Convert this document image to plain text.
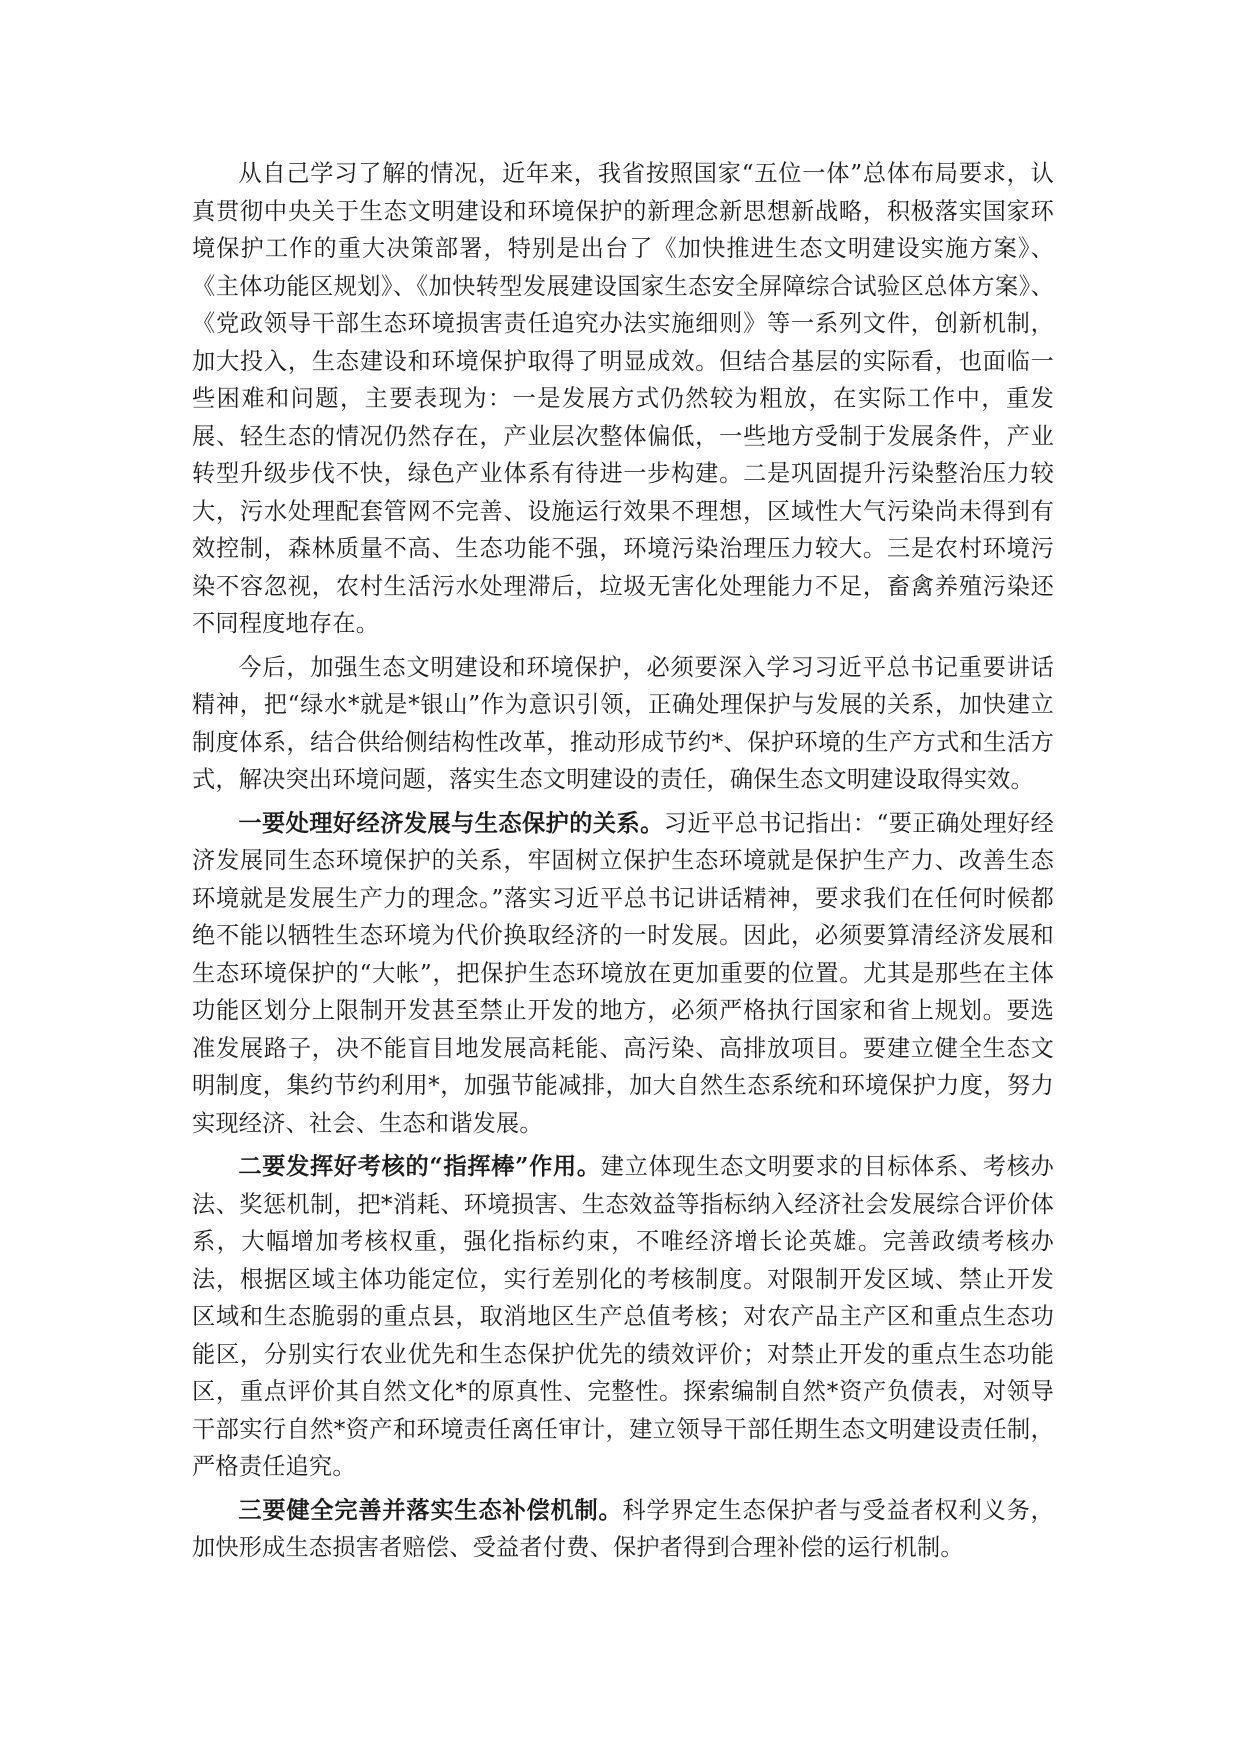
从自己学习了解的情况，近年来，我省按照国家“五位一体”总体布局要求，认真贯彻中央关于生态文明建设和环境保护的新理念新思想新战略，积极落实国家环境保护工作的重大决策部署，特别是出台了《加快推进生态文明建设实施方案》、《主体功能区规划》、《加快转型发展建设国家生态安全屏障综合试验区总体方案》、《党政领导干部生态环境损害责任追究办法实施细则》等一系列文件，创新机制，加大投入，生态建设和环境保护取得了明显成效。但结合基层的实际看，也面临一些困难和问题，主要表现为：一是发展方式仍然较为粗放，在实际工作中，重发展、轻生态的情况仍然存在，产业层次整体偏低，一些地方受制于发展条件，产业转型升级步伐不快，绿色产业体系有待进一步构建。二是巩固提升污染整治压力较大，污水处理配套管网不完善、设施运行效果不理想，区域性大气污染尚未得到有效控制，森林质量不高、生态功能不强，环境污染治理压力较大。三是农村环境污染不容忽视，农村生活污水处理滞后，垃圾无害化处理能力不足，畜禽养殖污染还不同程度地存在。

今后，加强生态文明建设和环境保护，必须要深入学习习近平总书记重要讲话精神，把“绿水*就是*银山”作为意识引领，正确处理保护与发展的关系，加快建立制度体系，结合供给侧结构性改革，推动形成节约*、保护环境的生产方式和生活方式，解决突出环境问题，落实生态文明建设的责任，确保生态文明建设取得实效。

一要处理好经济发展与生态保护的关系。习近平总书记指出：“要正确处理好经济发展同生态环境保护的关系，牢固树立保护生态环境就是保护生产力、改善生态环境就是发展生产力的理念。”落实习近平总书记讲话精神，要求我们在任何时候都绝不能以牺牲生态环境为代价换取经济的一时发展。因此，必须要算清经济发展和生态环境保护的“大帐”，把保护生态环境放在更加重要的位置。尤其是那些在主体功能区划分上限制开发甚至禁止开发的地方，必须严格执行国家和省上规划。要选准发展路子，决不能盲目地发展高耗能、高污染、高排放项目。要建立健全生态文明制度，集约节约利用*，加强节能减排，加大自然生态系统和环境保护力度，努力实现经济、社会、生态和谐发展。

二要发挥好考核的“指挥棒”作用。建立体现生态文明要求的目标体系、考核办法、奖惩机制，把*消耗、环境损害、生态效益等指标纳入经济社会发展综合评价体系，大幅增加考核权重，强化指标约束，不唯经济增长论英雄。完善政绩考核办法，根据区域主体功能定位，实行差别化的考核制度。对限制开发区域、禁止开发区域和生态脆弱的重点县，取消地区生产总值考核；对农产品主产区和重点生态功能区，分别实行农业优先和生态保护优先的绩效评价；对禁止开发的重点生态功能区，重点评价其自然文化*的原真性、完整性。探索编制自然*资产负债表，对领导干部实行自然*资产和环境责任离任审计，建立领导干部任期生态文明建设责任制，严格责任追究。

三要健全完善并落实生态补偿机制。科学界定生态保护者与受益者权利义务，加快形成生态损害者赔偿、受益者付费、保护者得到合理补偿的运行机制。
